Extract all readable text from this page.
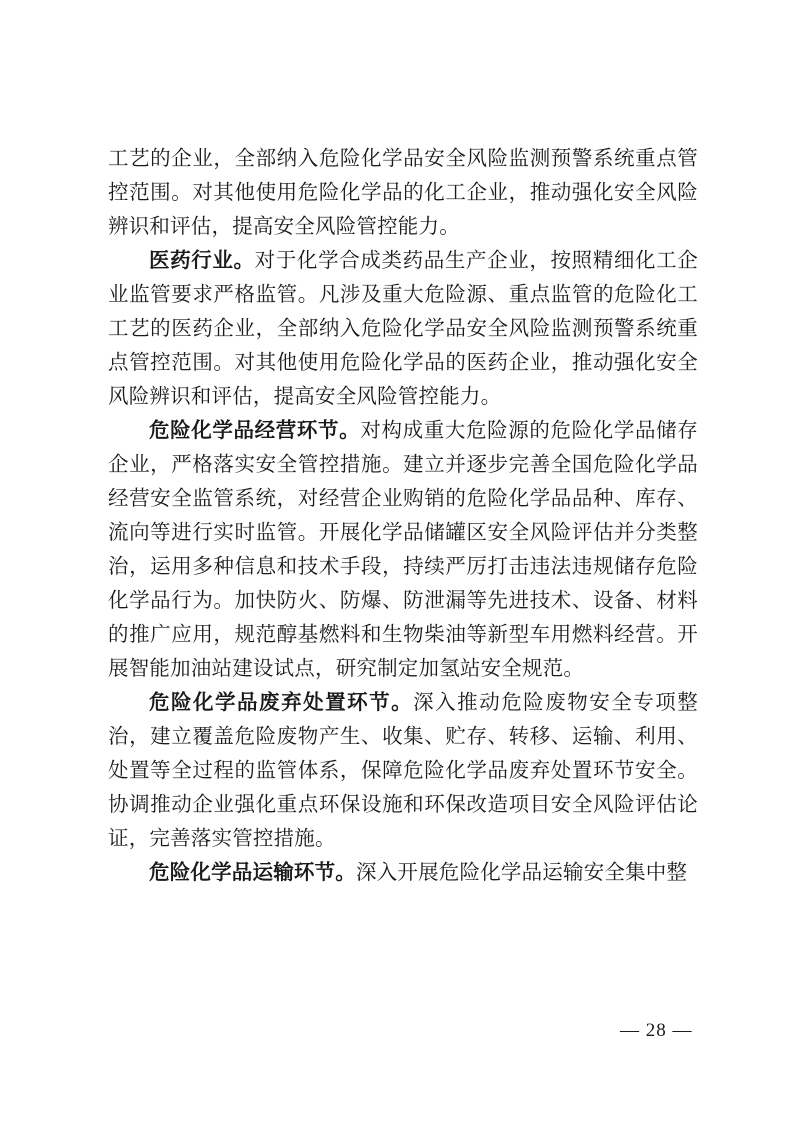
工艺的企业，全部纳入危险化学品安全风险监测预警系统重点管控范围。对其他使用危险化学品的化工企业，推动强化安全风险辨识和评估，提高安全风险管控能力。

医药行业。对于化学合成类药品生产企业，按照精细化工企业监管要求严格监管。凡涉及重大危险源、重点监管的危险化工工艺的医药企业，全部纳入危险化学品安全风险监测预警系统重点管控范围。对其他使用危险化学品的医药企业，推动强化安全风险辨识和评估，提高安全风险管控能力。

危险化学品经营环节。对构成重大危险源的危险化学品储存企业，严格落实安全管控措施。建立并逐步完善全国危险化学品经营安全监管系统，对经营企业购销的危险化学品品种、库存、流向等进行实时监管。开展化学品储罐区安全风险评估并分类整治，运用多种信息和技术手段，持续严厉打击违法违规储存危险化学品行为。加快防火、防爆、防泄漏等先进技术、设备、材料的推广应用，规范醇基燃料和生物柴油等新型车用燃料经营。开展智能加油站建设试点，研究制定加氢站安全规范。

危险化学品废弃处置环节。深入推动危险废物安全专项整治，建立覆盖危险废物产生、收集、贮存、转移、运输、利用、处置等全过程的监管体系，保障危险化学品废弃处置环节安全。协调推动企业强化重点环保设施和环保改造项目安全风险评估论证，完善落实管控措施。

危险化学品运输环节。深入开展危险化学品运输安全集中整

— 28 —
